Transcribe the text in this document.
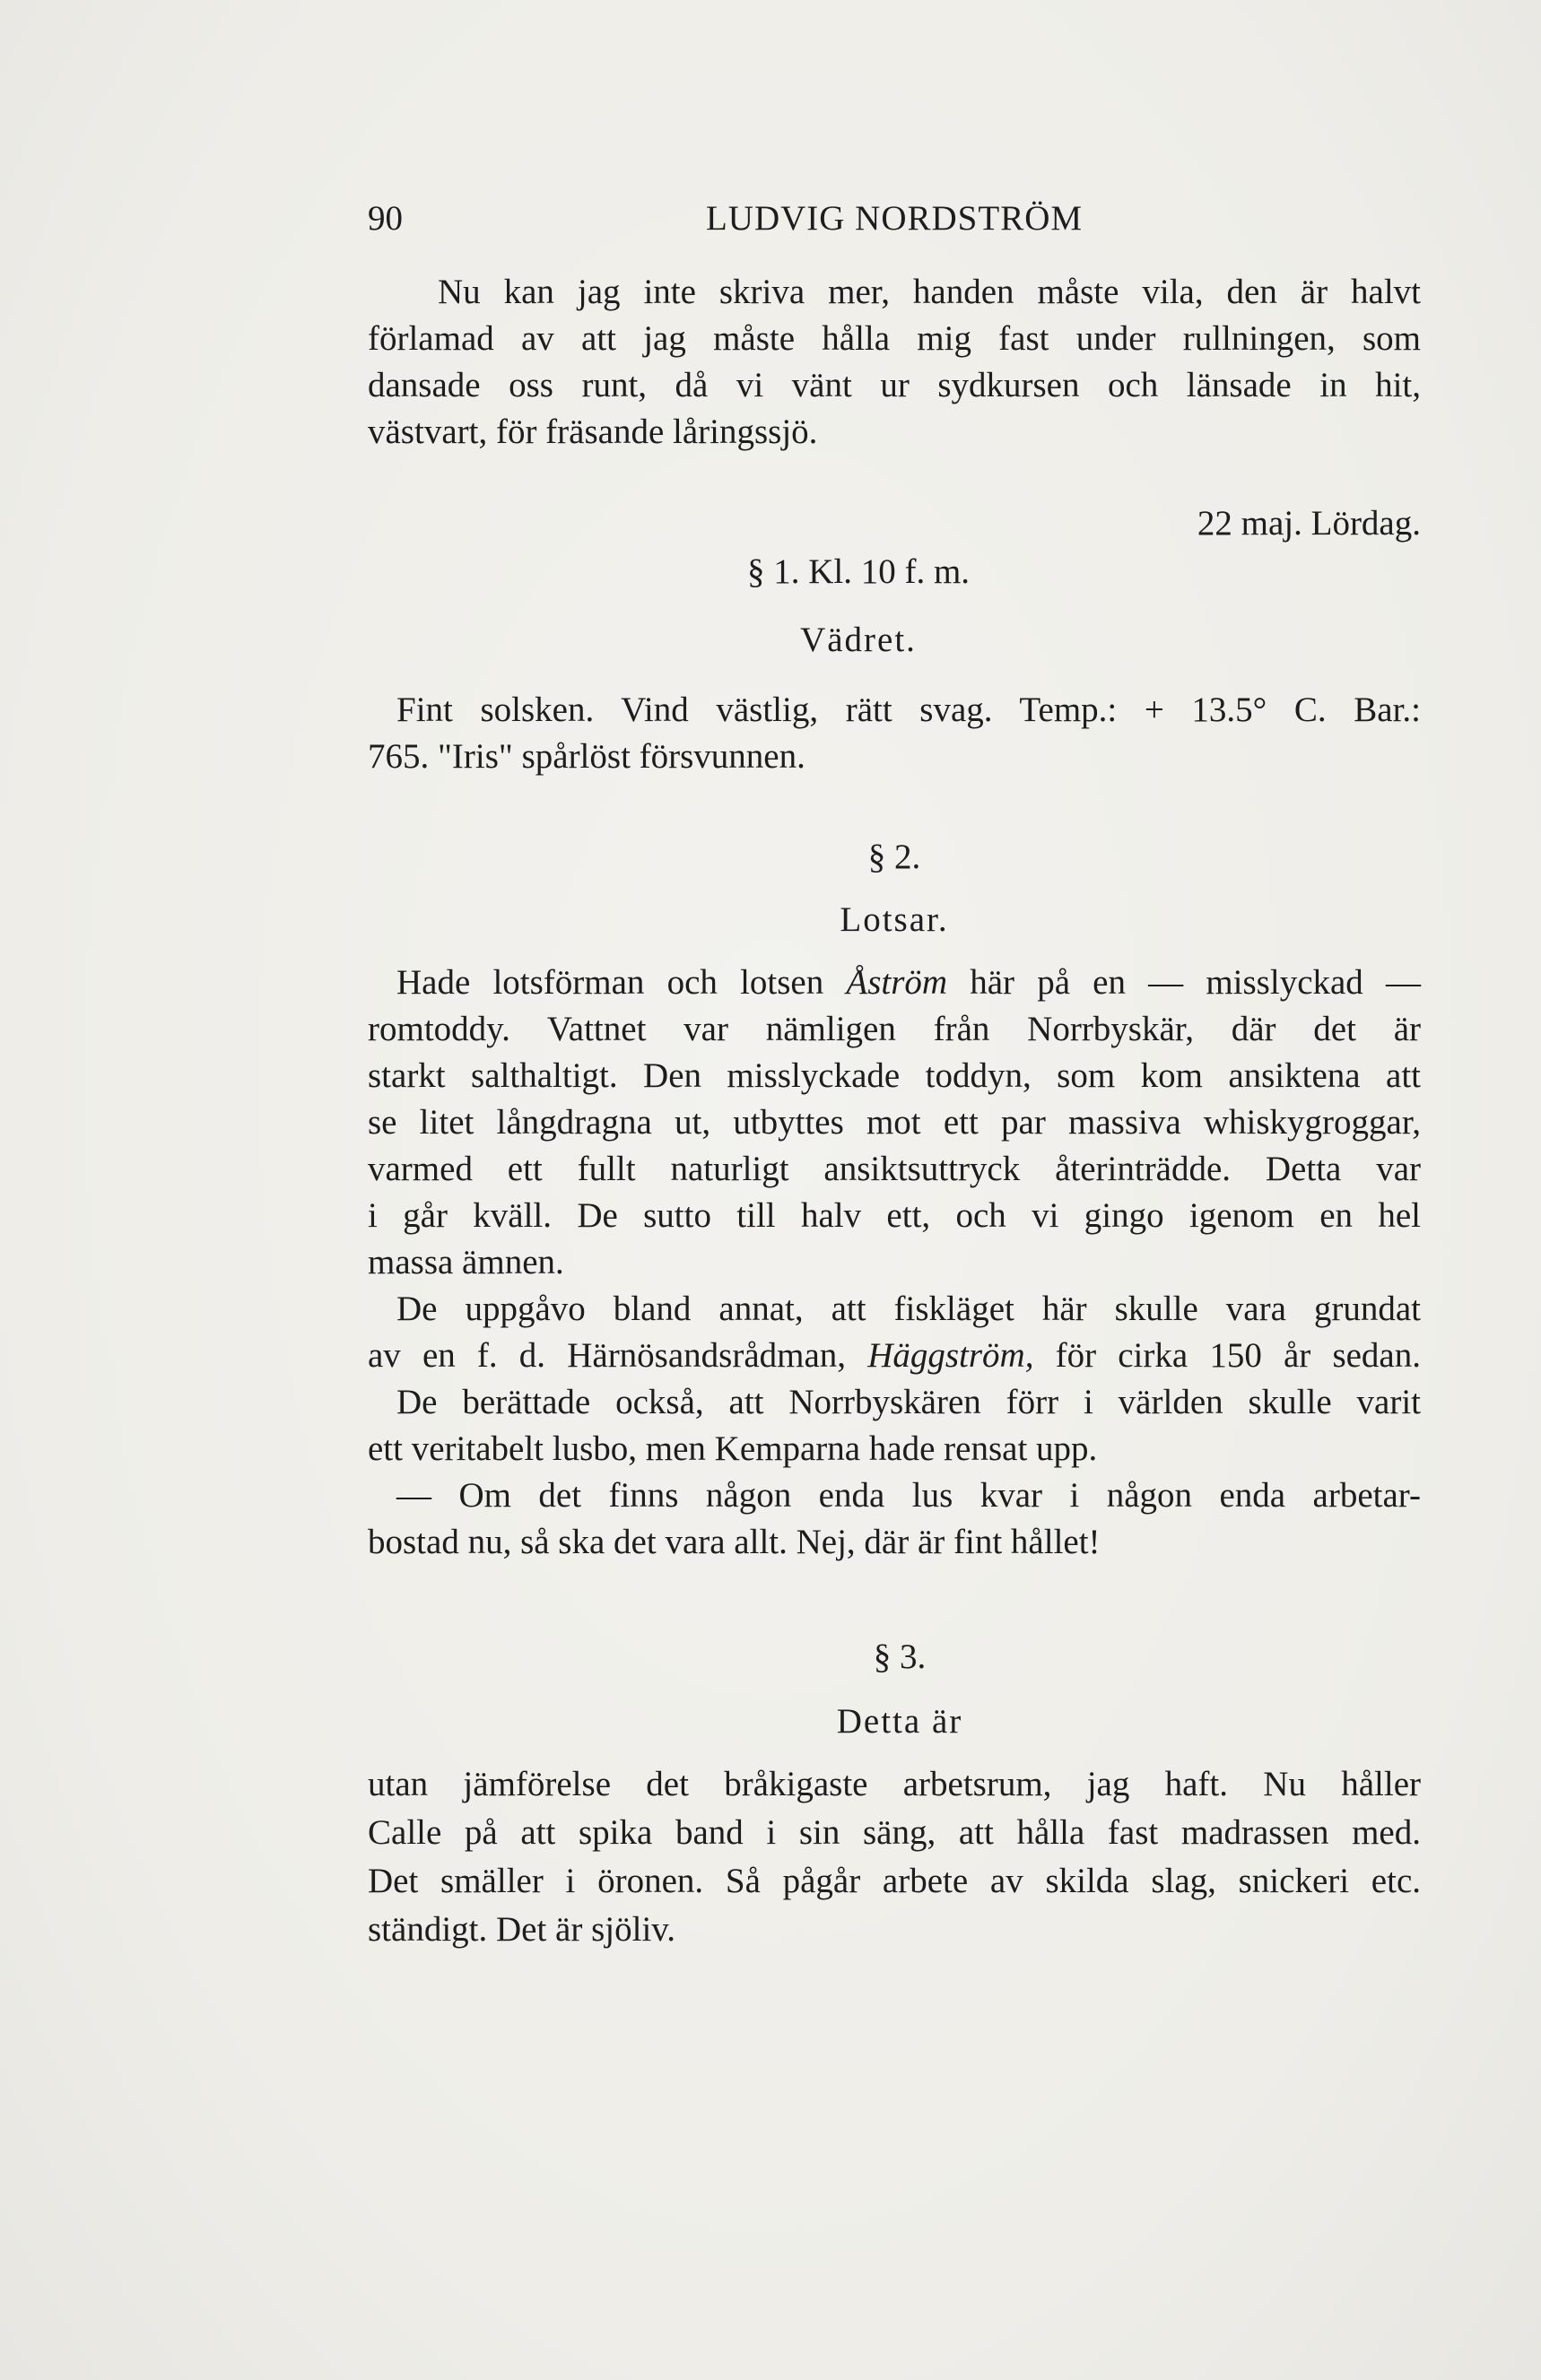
90	LUDVIG NORDSTRÖM
Nu kan jag inte skriva mer, handen måste vila, den är halvt
förlamad av att jag måste hålla mig fast under rullningen, som
dansade oss runt, då vi vänt ur sydkursen och länsade in hit,
västvart, för fräsande låringssjö.
22 maj. Lördag.
§ 1. Kl. 10 f. m.
Vädret.
Fint solsken. Vind västlig, rätt svag. Temp.: + 13.5° C. Bar.:
765. "Iris" spårlöst försvunnen.
§ 2.
Lotsar.
Hade lotsförman och lotsen Åström här på en — misslyckad —
romtoddy. Vattnet var nämligen från Norrbyskär, där det är
starkt salthaltigt. Den misslyckade toddyn, som kom ansiktena att
se litet långdragna ut, utbyttes mot ett par massiva whiskygroggar,
varmed ett fullt naturligt ansiktsuttryck återinträdde. Detta var
i går kväll. De sutto till halv ett, och vi gingo igenom en hel
massa ämnen.
De uppgåvo bland annat, att fiskläget här skulle vara grundat
av en f. d. Härnösandsrådman, Häggström, för cirka 150 år sedan.
De berättade också, att Norrbyskären förr i världen skulle varit
ett veritabelt lusbo, men Kemparna hade rensat upp.
— Om det finns någon enda lus kvar i någon enda arbetar-
bostad nu, så ska det vara allt. Nej, där är fint hållet!
§ 3.
Detta är
utan jämförelse det bråkigaste arbetsrum, jag haft. Nu håller
Calle på att spika band i sin säng, att hålla fast madrassen med.
Det smäller i öronen. Så pågår arbete av skilda slag, snickeri etc.
ständigt. Det är sjöliv.
